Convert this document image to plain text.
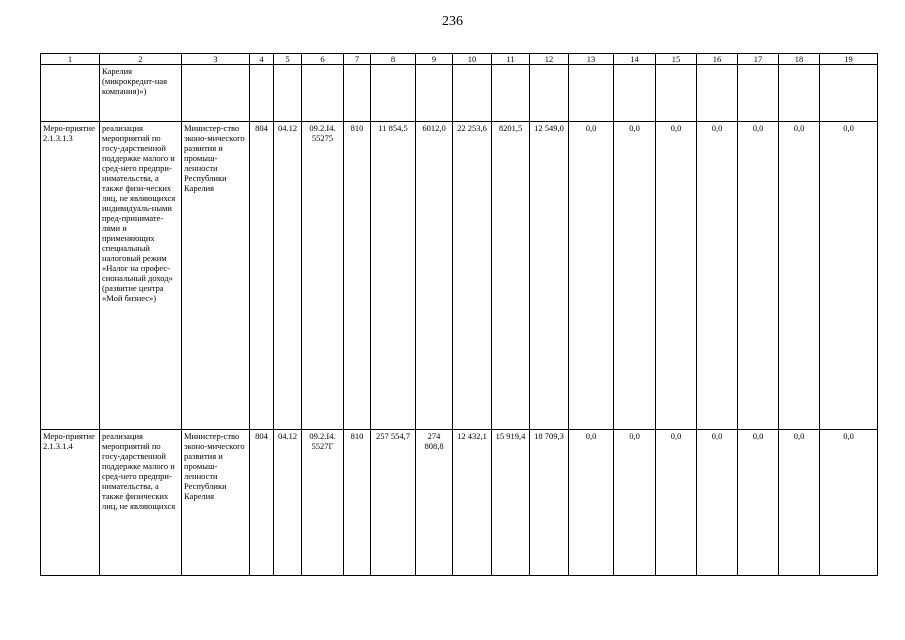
236
1	2	3	4	5	6	7	8	9	10	11	12	13	14	15	16	17	18	19
	Карелия (микрокредит-ная компания)»)																	
Меро-приятие 2.1.3.1.3	реализация мероприятий по госу-дарственной поддержке малого и сред-него предпри-нимательства, а также физи-ческих лиц, не являющихся индивидуаль-ными пред-принимате-лями и применяющих специальный налоговый режим «Налог на профес-сиональный доход» (развитие центра «Мой бизнес»)	Министер-ство эконо-мического развития и промыш-ленности Республики Карелия	804	04.12	09.2.I4. 55275	810	11 854,5	6012,0	22 253,6	8201,5	12 549,0	0,0	0,0	0,0	0,0	0,0	0,0	0,0
Меро-приятие 2.1.3.1.4	реализация мероприятий по госу-дарственной поддержке малого и сред-него предпри-нимательства, а также физических лиц, не являющихся	Министер-ство эконо-мического развития и промыш-ленности Республики Карелия	804	04.12	09.2.I4. 5527Г	810	257 554,7	274 808,8	12 432,1	15 919,4	18 709,3	0,0	0,0	0,0	0,0	0,0	0,0	0,0
